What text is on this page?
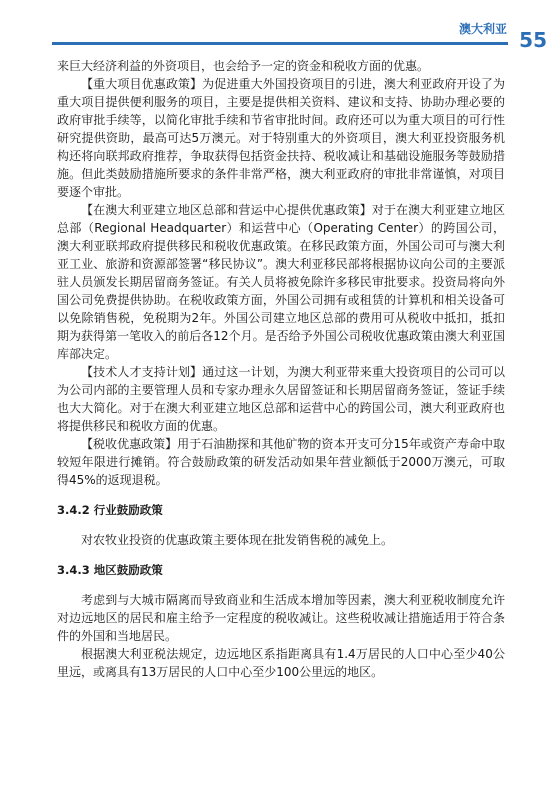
澳大利亚 55

来巨大经济利益的外资项目，也会给予一定的资金和税收方面的优惠。

【重大项目优惠政策】为促进重大外国投资项目的引进，澳大利亚政府开设了为重大项目提供便利服务的项目，主要是提供相关资料、建议和支持、协助办理必要的政府审批手续等，以简化审批手续和节省审批时间。政府还可以为重大项目的可行性研究提供资助，最高可达5万澳元。对于特别重大的外资项目，澳大利亚投资服务机构还将向联邦政府推荐，争取获得包括资金扶持、税收减让和基础设施服务等鼓励措施。但此类鼓励措施所要求的条件非常严格，澳大利亚政府的审批非常谨慎，对项目要逐个审批。

【在澳大利亚建立地区总部和营运中心提供优惠政策】对于在澳大利亚建立地区总部（Regional Headquarter）和运营中心（Operating Center）的跨国公司，澳大利亚联邦政府提供移民和税收优惠政策。在移民政策方面，外国公司可与澳大利亚工业、旅游和资源部签署“移民协议”。澳大利亚移民部将根据协议向公司的主要派驻人员颁发长期居留商务签证。有关人员将被免除许多移民审批要求。投资局将向外国公司免费提供协助。在税收政策方面，外国公司拥有或租赁的计算机和相关设备可以免除销售税，免税期为2年。外国公司建立地区总部的费用可从税收中抵扣，抵扣期为获得第一笔收入的前后各12个月。是否给予外国公司税收优惠政策由澳大利亚国库部决定。

【技术人才支持计划】通过这一计划，为澳大利亚带来重大投资项目的公司可以为公司内部的主要管理人员和专家办理永久居留签证和长期居留商务签证，签证手续也大大简化。对于在澳大利亚建立地区总部和运营中心的跨国公司，澳大利亚政府也将提供移民和税收方面的优惠。

【税收优惠政策】用于石油勘探和其他矿物的资本开支可分15年或资产寿命中取较短年限进行摊销。符合鼓励政策的研发活动如果年营业额低于2000万澳元，可取得45%的返现退税。

3.4.2 行业鼓励政策

对农牧业投资的优惠政策主要体现在批发销售税的减免上。

3.4.3 地区鼓励政策

考虑到与大城市隔离而导致商业和生活成本增加等因素，澳大利亚税收制度允许对边远地区的居民和雇主给予一定程度的税收减让。这些税收减让措施适用于符合条件的外国和当地居民。

根据澳大利亚税法规定，边远地区系指距离具有1.4万居民的人口中心至少40公里远，或离具有13万居民的人口中心至少100公里远的地区。
